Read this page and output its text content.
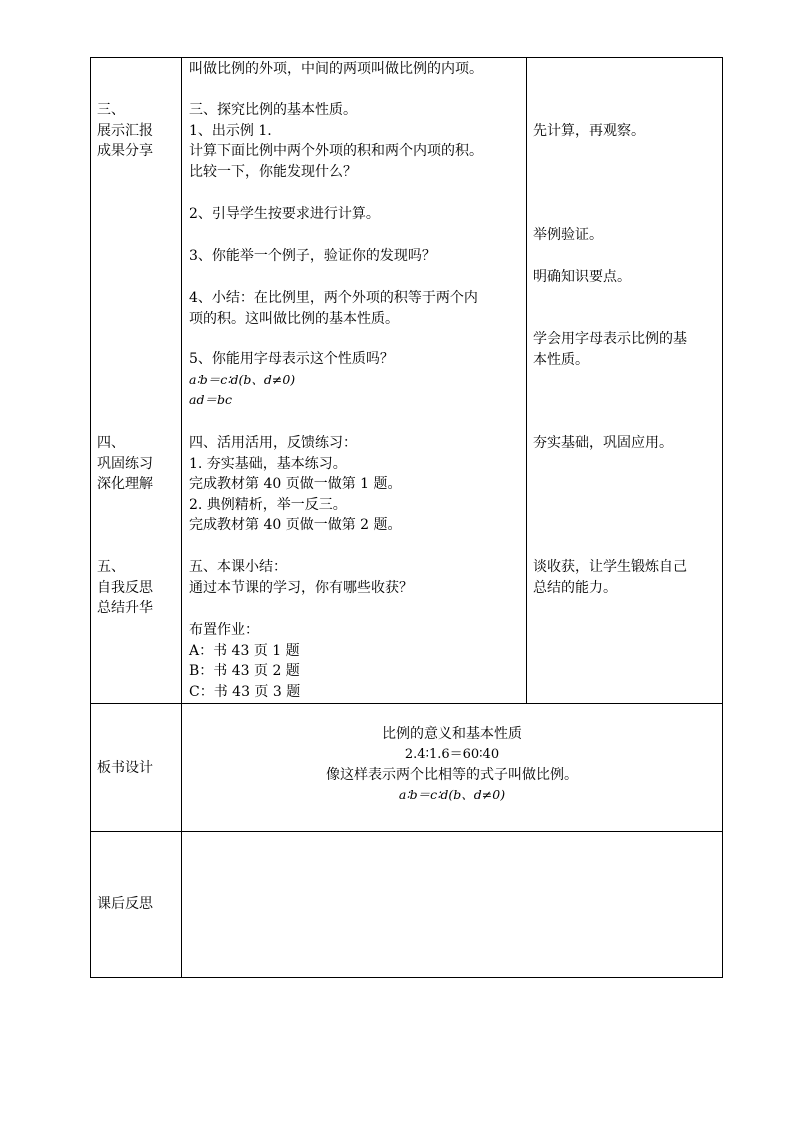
三、
展示汇报
成果分享
四、
巩固练习
深化理解
五、
自我反思
总结升华
叫做比例的外项，中间的两项叫做比例的内项。
三、探究比例的基本性质。
1、出示例 1.
计算下面比例中两个外项的积和两个内项的积。
比较一下，你能发现什么？
2、引导学生按要求进行计算。
3、你能举一个例子，验证你的发现吗？
4、小结：在比例里，两个外项的积等于两个内
项的积。这叫做比例的基本性质。
5、你能用字母表示这个性质吗？
a∶b＝c∶d(b、d≠0)
ad＝bc
四、活用活用，反馈练习：
1. 夯实基础，基本练习。
完成教材第 40 页做一做第 1 题。
2. 典例精析，举一反三。
完成教材第 40 页做一做第 2 题。
五、本课小结：
通过本节课的学习，你有哪些收获？
布置作业：
A：书 43 页 1 题
B：书 43 页 2 题
C：书 43 页 3 题
先计算，再观察。
举例验证。
明确知识要点。
学会用字母表示比例的基
本性质。
夯实基础，巩固应用。
谈收获，让学生锻炼自己
总结的能力。
板书设计
比例的意义和基本性质
2.4∶1.6＝60∶40
像这样表示两个比相等的式子叫做比例。
a∶b＝c∶d(b、d≠0)
课后反思
